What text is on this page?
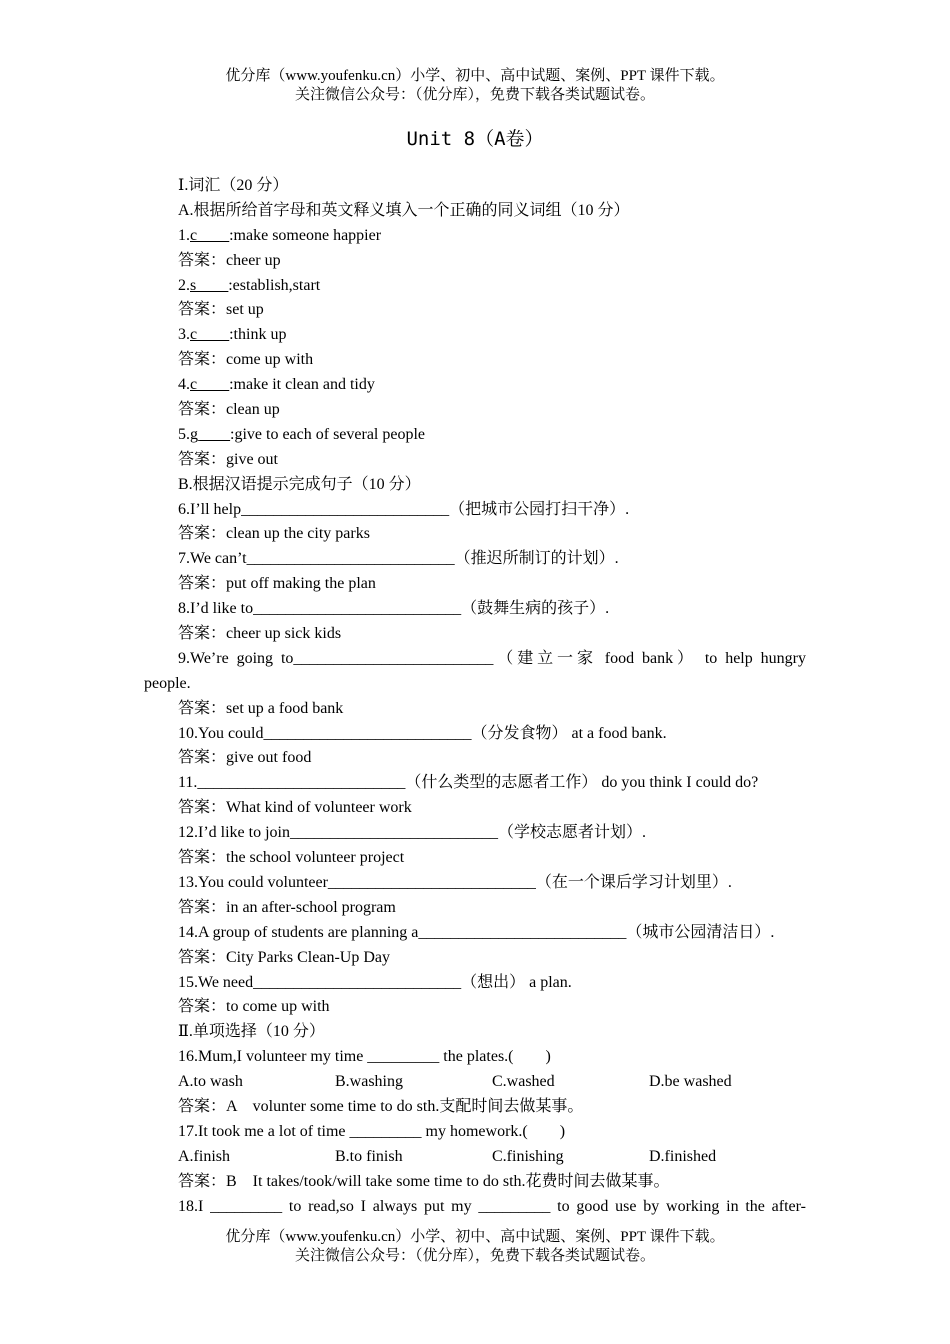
优分库（www.youfenku.cn）小学、初中、高中试题、案例、PPT 课件下载。
关注微信公众号：（优分库），免费下载各类试题试卷。
Unit 8（A卷）
Ⅰ.词汇（20 分）
A.根据所给首字母和英文释义填入一个正确的同义词组（10 分）
1.c____:make someone happier
答案：cheer up
2.s____:establish,start
答案：set up
3.c____:think up
答案：come up with
4.c____:make it clean and tidy
答案：clean up
5.g____:give to each of several people
答案：give out
B.根据汉语提示完成句子（10 分）
6.I’ll help__________________________（把城市公园打扫干净）.
答案：clean up the city parks
7.We can’t__________________________（推迟所制订的计划）.
答案：put off making the plan
8.I’d like to__________________________（鼓舞生病的孩子）.
答案：cheer up sick kids
9.We’re going to_________________________（建立一家 food bank） to help hungry
people.
答案：set up a food bank
10.You could__________________________（分发食物） at a food bank.
答案：give out food
11.__________________________（什么类型的志愿者工作） do you think I could do?
答案：What kind of volunteer work
12.I’d like to join__________________________（学校志愿者计划）.
答案：the school volunteer project
13.You could volunteer__________________________（在一个课后学习计划里）.
答案：in an after-school program
14.A group of students are planning a__________________________（城市公园清洁日）.
答案：City Parks Clean-Up Day
15.We need__________________________（想出） a plan.
答案：to come up with
Ⅱ.单项选择（10 分）
16.Mum,I volunteer my time _________ the plates.(　　)
A.to wash	B.washing	C.washed	D.be washed
答案：A　volunter some time to do sth.支配时间去做某事。
17.It took me a lot of time _________ my homework.(　　)
A.finish	B.to finish	C.finishing	D.finished
答案：B　It takes/took/will take some time to do sth.花费时间去做某事。
18.I _________ to read,so I always put my _________ to good use by working in the after-
优分库（www.youfenku.cn）小学、初中、高中试题、案例、PPT 课件下载。
关注微信公众号：（优分库），免费下载各类试题试卷。
